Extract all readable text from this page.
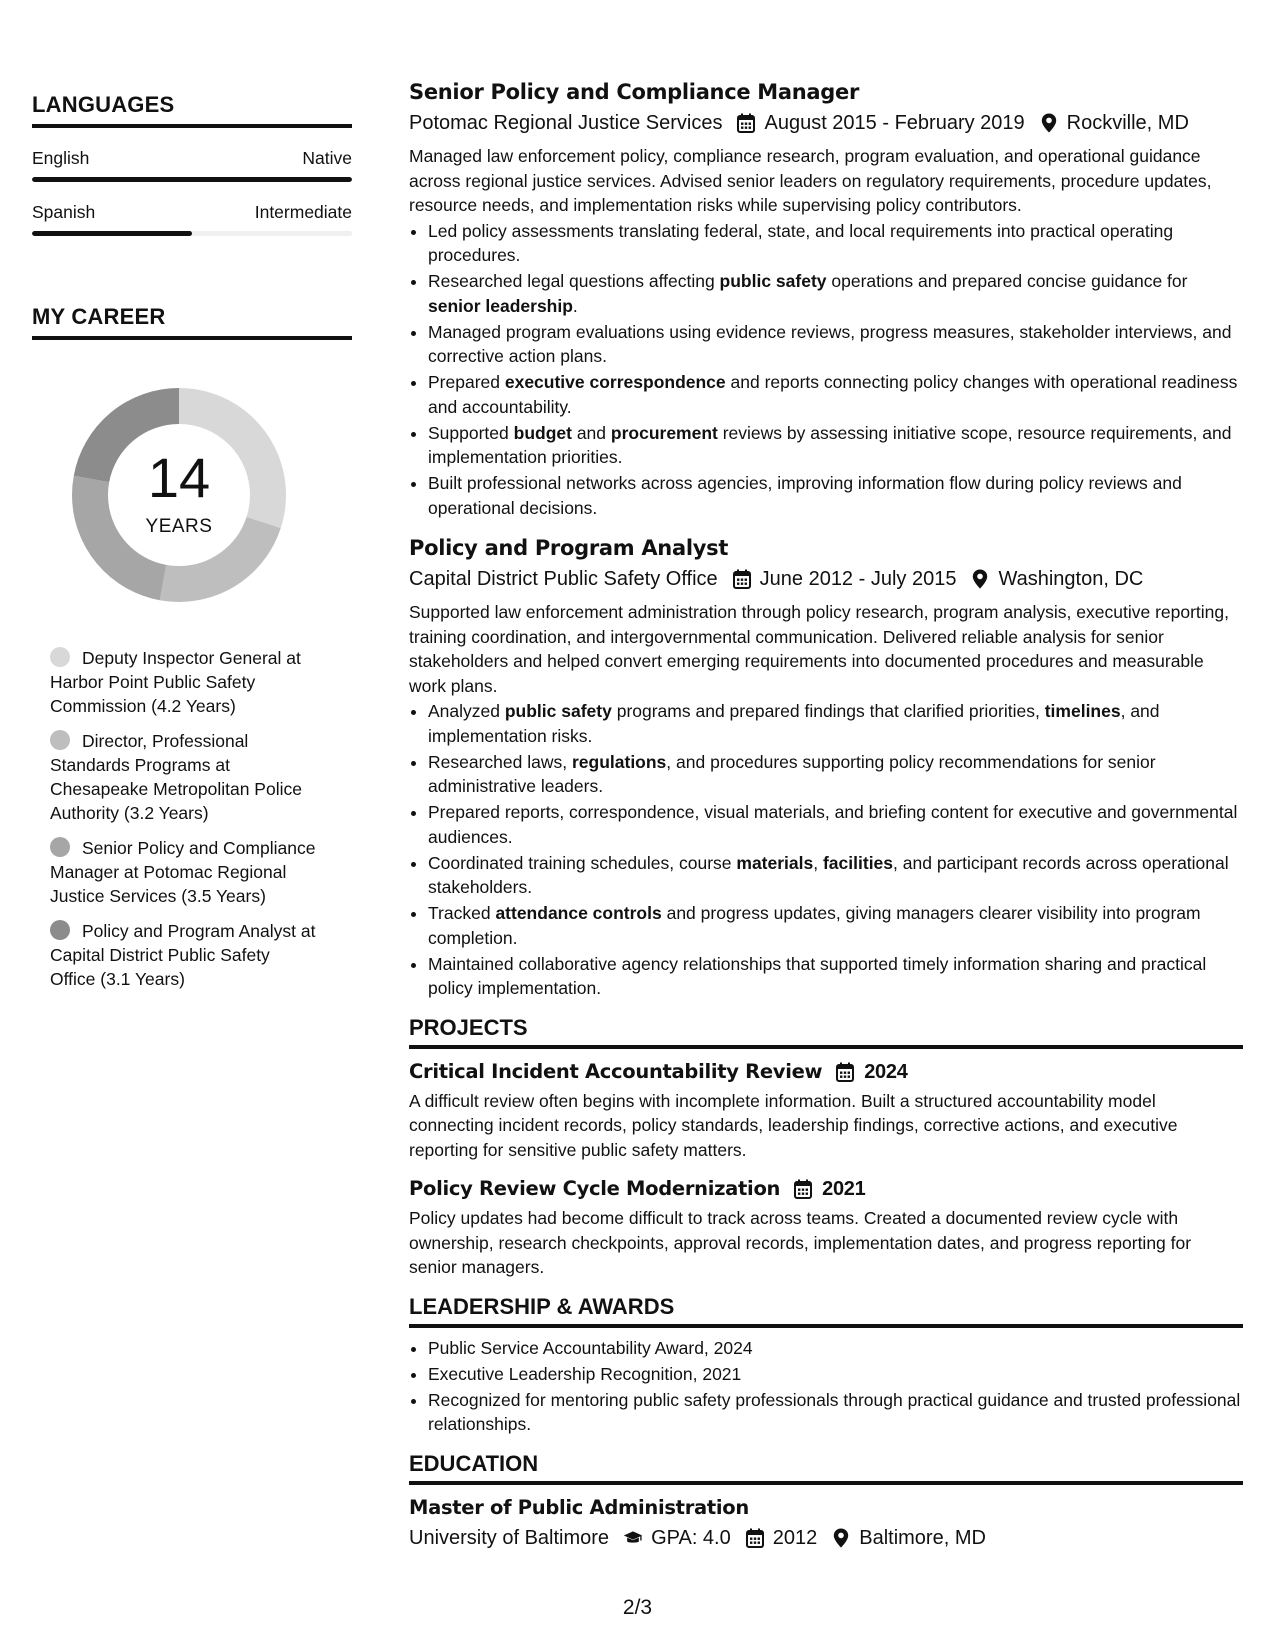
LANGUAGES
English	Native
Spanish	Intermediate
MY CAREER
14
YEARS
Deputy Inspector General at Harbor Point Public Safety Commission (4.2 Years)
Director, Professional Standards Programs at Chesapeake Metropolitan Police Authority (3.2 Years)
Senior Policy and Compliance Manager at Potomac Regional Justice Services (3.5 Years)
Policy and Program Analyst at Capital District Public Safety Office (3.1 Years)
Senior Policy and Compliance Manager
Potomac Regional Justice Services August 2015 - February 2019 Rockville, MD

Managed law enforcement policy, compliance research, program evaluation, and operational guidance across regional justice services. Advised senior leaders on regulatory requirements, procedure updates, resource needs, and implementation risks while supervising policy contributors.

• Led policy assessments translating federal, state, and local requirements into practical operating procedures.
• Researched legal questions affecting public safety operations and prepared concise guidance for senior leadership.
• Managed program evaluations using evidence reviews, progress measures, stakeholder interviews, and corrective action plans.
• Prepared executive correspondence and reports connecting policy changes with operational readiness and accountability.
• Supported budget and procurement reviews by assessing initiative scope, resource requirements, and implementation priorities.
• Built professional networks across agencies, improving information flow during policy reviews and operational decisions.
Policy and Program Analyst
Capital District Public Safety Office June 2012 - July 2015 Washington, DC

Supported law enforcement administration through policy research, program analysis, executive reporting, training coordination, and intergovernmental communication. Delivered reliable analysis for senior stakeholders and helped convert emerging requirements into documented procedures and measurable work plans.

• Analyzed public safety programs and prepared findings that clarified priorities, timelines, and implementation risks.
• Researched laws, regulations, and procedures supporting policy recommendations for senior administrative leaders.
• Prepared reports, correspondence, visual materials, and briefing content for executive and governmental audiences.
• Coordinated training schedules, course materials, facilities, and participant records across operational stakeholders.
• Tracked attendance controls and progress updates, giving managers clearer visibility into program completion.
• Maintained collaborative agency relationships that supported timely information sharing and practical policy implementation.
PROJECTS
Critical Incident Accountability Review 2024

A difficult review often begins with incomplete information. Built a structured accountability model connecting incident records, policy standards, leadership findings, corrective actions, and executive reporting for sensitive public safety matters.

Policy Review Cycle Modernization 2021

Policy updates had become difficult to track across teams. Created a documented review cycle with ownership, research checkpoints, approval records, implementation dates, and progress reporting for senior managers.

LEADERSHIP & AWARDS
• Public Service Accountability Award, 2024
• Executive Leadership Recognition, 2021
• Recognized for mentoring public safety professionals through practical guidance and trusted professional relationships.
EDUCATION
Master of Public Administration
University of Baltimore GPA: 4.0 2012 Baltimore, MD
2/3
